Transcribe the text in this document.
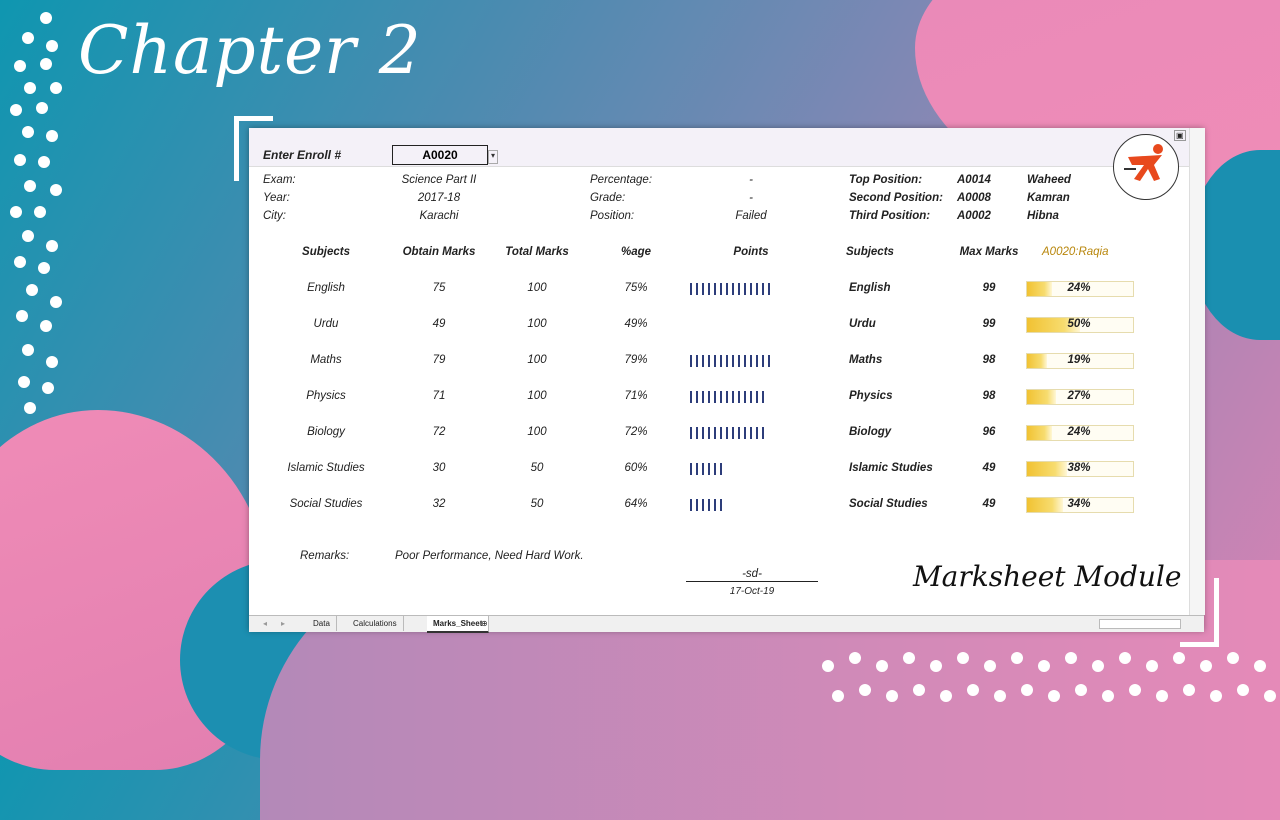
Chapter 2
Enter Enroll #	A0020	▾
▣
Exam:	Science Part II
Year:	2017-18
City:	Karachi
Percentage:	-
Grade:	-
Position:	Failed
Top Position:	A0014	Waheed
Second Position: A0008	Kamran
Third Position: A0002	Hibna
Subjects	Obtain Marks	Total Marks	%age	Points	Subjects	Max Marks	A0020:Raqia
English	75	100	75%	English	99	24%
Urdu	49	100	49%	Urdu	99	50%
Maths	79	100	79%	Maths	98	19%
Physics	71	100	71%	Physics	98	27%
Biology	72	100	72%	Biology	96	24%
Islamic Studies	30	50	60%	Islamic Studies	49	38%
Social Studies	32	50	64%	Social Studies	49	34%
Remarks:	Poor Performance, Need Hard Work.
-sd-
17-Oct-19	Marksheet Module
◂	▸	Data	Calculations	Marks_Sheet
⊕
